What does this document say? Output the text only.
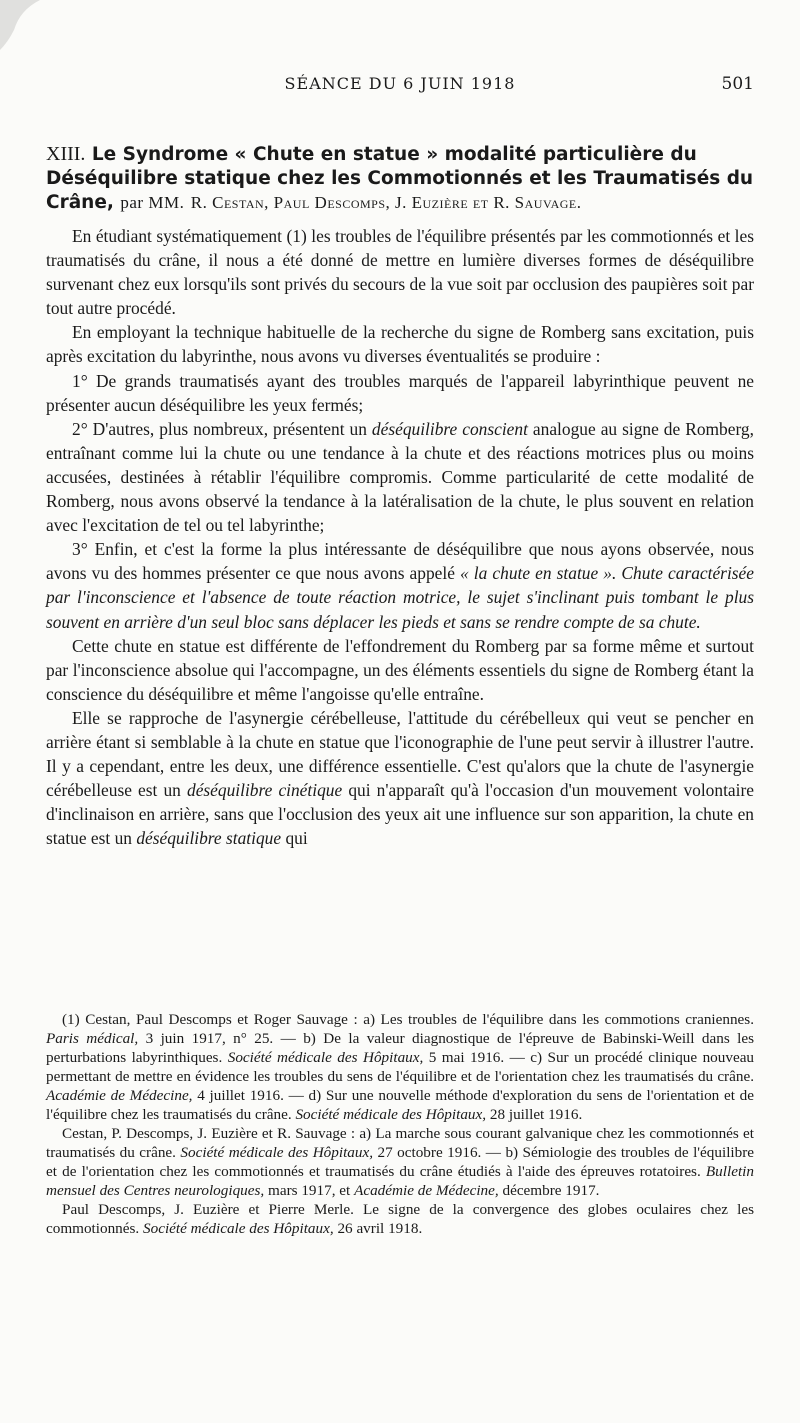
SÉANCE DU 6 JUIN 1918	501
XIII. Le Syndrome « Chute en statue » modalité particulière du Déséquilibre statique chez les Commotionnés et les Traumatisés du Crâne, par MM. R. Cestan, Paul Descomps, J. Euzière et R. Sauvage.

En étudiant systématiquement (1) les troubles de l'équilibre présentés par les commotionnés et les traumatisés du crâne, il nous a été donné de mettre en lumière diverses formes de déséquilibre survenant chez eux lorsqu'ils sont privés du secours de la vue soit par occlusion des paupières soit par tout autre procédé.

En employant la technique habituelle de la recherche du signe de Romberg sans excitation, puis après excitation du labyrinthe, nous avons vu diverses éventualités se produire :

1° De grands traumatisés ayant des troubles marqués de l'appareil labyrinthique peuvent ne présenter aucun déséquilibre les yeux fermés;

2° D'autres, plus nombreux, présentent un déséquilibre conscient analogue au signe de Romberg, entraînant comme lui la chute ou une tendance à la chute et des réactions motrices plus ou moins accusées, destinées à rétablir l'équilibre compromis. Comme particularité de cette modalité de Romberg, nous avons observé la tendance à la latéralisation de la chute, le plus souvent en relation avec l'excitation de tel ou tel labyrinthe;

3° Enfin, et c'est la forme la plus intéressante de déséquilibre que nous ayons observée, nous avons vu des hommes présenter ce que nous avons appelé « la chute en statue ». Chute caractérisée par l'inconscience et l'absence de toute réaction motrice, le sujet s'inclinant puis tombant le plus souvent en arrière d'un seul bloc sans déplacer les pieds et sans se rendre compte de sa chute.

Cette chute en statue est différente de l'effondrement du Romberg par sa forme même et surtout par l'inconscience absolue qui l'accompagne, un des éléments essentiels du signe de Romberg étant la conscience du déséquilibre et même l'angoisse qu'elle entraîne.

Elle se rapproche de l'asynergie cérébelleuse, l'attitude du cérébelleux qui veut se pencher en arrière étant si semblable à la chute en statue que l'iconographie de l'une peut servir à illustrer l'autre. Il y a cependant, entre les deux, une différence essentielle. C'est qu'alors que la chute de l'asynergie cérébelleuse est un déséquilibre cinétique qui n'apparaît qu'à l'occasion d'un mouvement volontaire d'inclinaison en arrière, sans que l'occlusion des yeux ait une influence sur son apparition, la chute en statue est un déséquilibre statique qui

(1) Cestan, Paul Descomps et Roger Sauvage : a) Les troubles de l'équilibre dans les commotions craniennes. Paris médical, 3 juin 1917, n° 25. — b) De la valeur diagnostique de l'épreuve de Babinski-Weill dans les perturbations labyrinthiques. Société médicale des Hôpitaux, 5 mai 1916. — c) Sur un procédé clinique nouveau permettant de mettre en évidence les troubles du sens de l'équilibre et de l'orientation chez les traumatisés du crâne. Académie de Médecine, 4 juillet 1916. — d) Sur une nouvelle méthode d'exploration du sens de l'orientation et de l'équilibre chez les traumatisés du crâne. Société médicale des Hôpitaux, 28 juillet 1916.

Cestan, P. Descomps, J. Euzière et R. Sauvage : a) La marche sous courant galvanique chez les commotionnés et traumatisés du crâne. Société médicale des Hôpitaux, 27 octobre 1916. — b) Sémiologie des troubles de l'équilibre et de l'orientation chez les commotionnés et traumatisés du crâne étudiés à l'aide des épreuves rotatoires. Bulletin mensuel des Centres neurologiques, mars 1917, et Académie de Médecine, décembre 1917.

Paul Descomps, J. Euzière et Pierre Merle. Le signe de la convergence des globes oculaires chez les commotionnés. Société médicale des Hôpitaux, 26 avril 1918.
